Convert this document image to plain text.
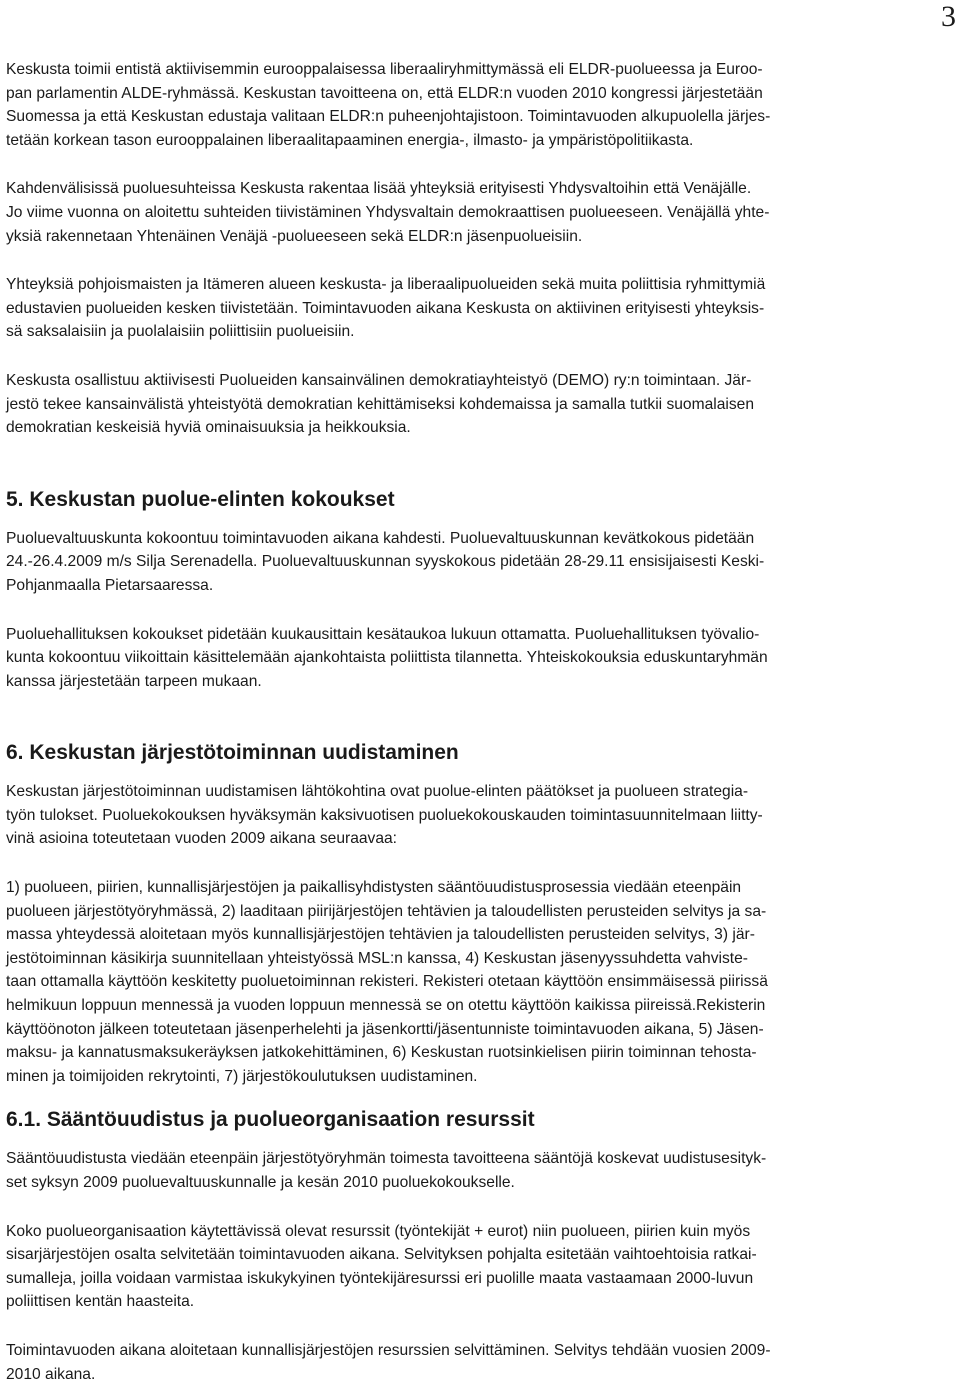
3

Keskusta toimii entistä aktiivisemmin eurooppalaisessa liberaaliryhmittymässä eli ELDR-puolueessa ja Euroo-
pan parlamentin ALDE-ryhmässä. Keskustan tavoitteena on, että ELDR:n vuoden 2010 kongressi järjestetään
Suomessa ja että Keskustan edustaja valitaan ELDR:n puheenjohtajistoon. Toimintavuoden alkupuolella järjes-
tetään korkean tason eurooppalainen liberaalitapaaminen energia-, ilmasto- ja ympäristöpolitiikasta.

Kahdenvälisissä puoluesuhteissa Keskusta rakentaa lisää yhteyksiä erityisesti Yhdysvaltoihin että Venäjälle.
Jo viime vuonna on aloitettu suhteiden tiivistäminen Yhdysvaltain demokraattisen puolueeseen. Venäjällä yhte-
yksiä rakennetaan Yhtenäinen Venäjä -puolueeseen sekä ELDR:n jäsenpuolueisiin.

Yhteyksiä pohjoismaisten ja Itämeren alueen keskusta- ja liberaalipuolueiden sekä muita poliittisia ryhmittymiä
edustavien puolueiden kesken tiivistetään. Toimintavuoden aikana Keskusta on aktiivinen erityisesti yhteyksis-
sä saksalaisiin ja puolalaisiin poliittisiin puolueisiin.

Keskusta osallistuu aktiivisesti Puolueiden kansainvälinen demokratiayhteistyö (DEMO) ry:n toimintaan. Jär-
jestö tekee kansainvälistä yhteistyötä demokratian kehittämiseksi kohdemaissa ja samalla tutkii suomalaisen
demokratian keskeisiä hyviä ominaisuuksia ja heikkouksia.

5. Keskustan puolue-elinten kokoukset

Puoluevaltuuskunta kokoontuu toimintavuoden aikana kahdesti. Puoluevaltuuskunnan kevätkokous pidetään
24.-26.4.2009 m/s Silja Serenadella. Puoluevaltuuskunnan syyskokous pidetään 28-29.11 ensisijaisesti Keski-
Pohjanmaalla Pietarsaaressa.

Puoluehallituksen kokoukset pidetään kuukausittain kesätaukoa lukuun ottamatta. Puoluehallituksen työvalio-
kunta kokoontuu viikoittain käsittelemään ajankohtaista poliittista tilannetta. Yhteiskokouksia eduskuntaryhmän
kanssa järjestetään tarpeen mukaan.

6. Keskustan järjestötoiminnan uudistaminen

Keskustan järjestötoiminnan uudistamisen lähtökohtina ovat puolue-elinten päätökset ja puolueen strategia-
työn tulokset. Puoluekokouksen hyväksymän kaksivuotisen puoluekokouskauden toimintasuunnitelmaan liitty-
vinä asioina toteutetaan vuoden 2009 aikana seuraavaa:

1) puolueen, piirien, kunnallisjärjestöjen ja paikallisyhdistysten sääntöuudistusprosessia viedään eteenpäin
puolueen järjestötyöryhmässä, 2) laaditaan piirijärjestöjen tehtävien ja taloudellisten perusteiden selvitys ja sa-
massa yhteydessä aloitetaan myös kunnallisjärjestöjen tehtävien ja taloudellisten perusteiden selvitys, 3) jär-
jestötoiminnan käsikirja suunnitellaan yhteistyössä MSL:n kanssa, 4) Keskustan jäsenyyssuhdetta vahviste-
taan ottamalla käyttöön keskitetty puoluetoiminnan rekisteri. Rekisteri otetaan käyttöön ensimmäisessä piirissä
helmikuun loppuun mennessä ja vuoden loppuun mennessä se on otettu käyttöön kaikissa piireissä.Rekisterin
käyttöönoton jälkeen toteutetaan jäsenperhelehti ja jäsenkortti/jäsentunniste toimintavuoden aikana, 5) Jäsen-
maksu- ja kannatusmaksukeräyksen jatkokehittäminen, 6) Keskustan ruotsinkielisen piirin toiminnan tehosta-
minen ja toimijoiden rekrytointi, 7) järjestökoulutuksen uudistaminen.

6.1. Sääntöuudistus ja puolueorganisaation resurssit

Sääntöuudistusta viedään eteenpäin järjestötyöryhmän toimesta tavoitteena sääntöjä koskevat uudistusesityk-
set syksyn 2009 puoluevaltuuskunnalle ja kesän 2010 puoluekokoukselle.

Koko puolueorganisaation käytettävissä olevat resurssit (työntekijät + eurot) niin puolueen, piirien kuin myös
sisarjärjestöjen osalta selvitetään toimintavuoden aikana. Selvityksen pohjalta esitetään vaihtoehtoisia ratkai-
sumalleja, joilla voidaan varmistaa iskukykyinen työntekijäresurssi eri puolille maata vastaamaan 2000-luvun
poliittisen kentän haasteita.

Toimintavuoden aikana aloitetaan kunnallisjärjestöjen resurssien selvittäminen. Selvitys tehdään vuosien 2009-
2010 aikana.
